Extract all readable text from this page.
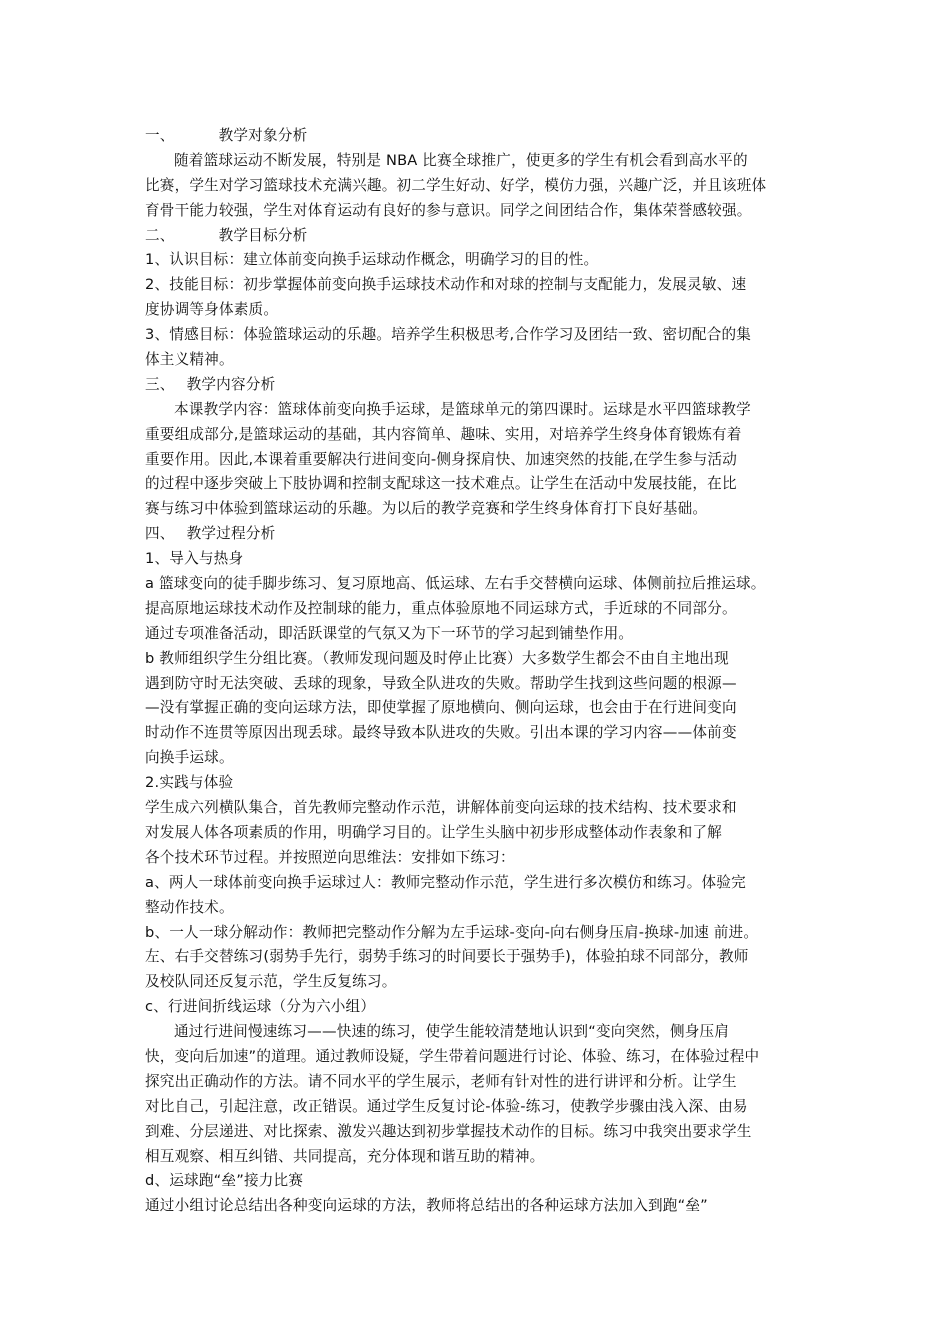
一、	教学对象分析
随着篮球运动不断发展，特别是 NBA 比赛全球推广，使更多的学生有机会看到高水平的
比赛，学生对学习篮球技术充满兴趣。初二学生好动、好学，模仿力强，兴趣广泛，并且该班体
育骨干能力较强，学生对体育运动有良好的参与意识。同学之间团结合作，集体荣誉感较强。
二、	教学目标分析
1、认识目标：建立体前变向换手运球动作概念，明确学习的目的性。
2、技能目标：初步掌握体前变向换手运球技术动作和对球的控制与支配能力，发展灵敏、速
度协调等身体素质。
3、情感目标：体验篮球运动的乐趣。培养学生积极思考,合作学习及团结一致、密切配合的集
体主义精神。
三、 教学内容分析
本课教学内容：篮球体前变向换手运球，是篮球单元的第四课时。运球是水平四篮球教学
重要组成部分,是篮球运动的基础，其内容简单、趣味、实用，对培养学生终身体育锻炼有着
重要作用。因此,本课着重要解决行进间变向-侧身探肩快、加速突然的技能,在学生参与活动
的过程中逐步突破上下肢协调和控制支配球这一技术难点。让学生在活动中发展技能，在比
赛与练习中体验到篮球运动的乐趣。为以后的教学竞赛和学生终身体育打下良好基础。
四、 教学过程分析
1、导入与热身
a 篮球变向的徒手脚步练习、复习原地高、低运球、左右手交替横向运球、体侧前拉后推运球。
提高原地运球技术动作及控制球的能力，重点体验原地不同运球方式，手近球的不同部分。
通过专项准备活动，即活跃课堂的气氛又为下一环节的学习起到铺垫作用。
b 教师组织学生分组比赛。（教师发现问题及时停止比赛）大多数学生都会不由自主地出现
遇到防守时无法突破、丢球的现象，导致全队进攻的失败。帮助学生找到这些问题的根源—
—没有掌握正确的变向运球方法，即使掌握了原地横向、侧向运球，也会由于在行进间变向
时动作不连贯等原因出现丢球。最终导致本队进攻的失败。引出本课的学习内容——体前变
向换手运球。
2.实践与体验
学生成六列横队集合，首先教师完整动作示范，讲解体前变向运球的技术结构、技术要求和
对发展人体各项素质的作用，明确学习目的。让学生头脑中初步形成整体动作表象和了解
各个技术环节过程。并按照逆向思维法：安排如下练习：
a、两人一球体前变向换手运球过人：教师完整动作示范，学生进行多次模仿和练习。体验完
整动作技术。
b、一人一球分解动作：教师把完整动作分解为左手运球-变向-向右侧身压肩-换球-加速 前进。
左、右手交替练习(弱势手先行，弱势手练习的时间要长于强势手)，体验拍球不同部分，教师
及校队同还反复示范，学生反复练习。
c、行进间折线运球（分为六小组）
通过行进间慢速练习——快速的练习，使学生能较清楚地认识到“变向突然，侧身压肩
快，变向后加速”的道理。通过教师设疑，学生带着问题进行讨论、体验、练习，在体验过程中
探究出正确动作的方法。请不同水平的学生展示，老师有针对性的进行讲评和分析。让学生
对比自己，引起注意，改正错误。通过学生反复讨论-体验-练习，使教学步骤由浅入深、由易
到难、分层递进、对比探索、激发兴趣达到初步掌握技术动作的目标。练习中我突出要求学生
相互观察、相互纠错、共同提高，充分体现和谐互助的精神。
d、运球跑“垒”接力比赛
通过小组讨论总结出各种变向运球的方法，教师将总结出的各种运球方法加入到跑“垒”
